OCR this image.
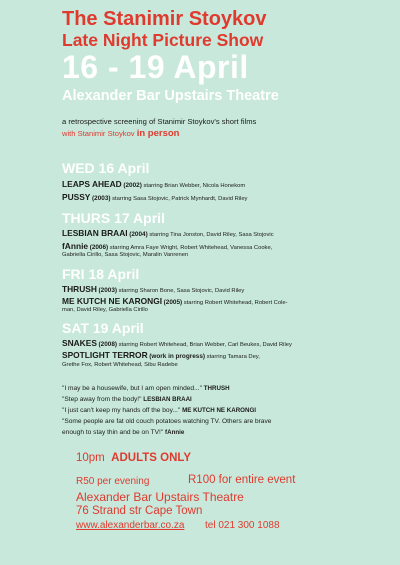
The Stanimir Stoykov
Late Night Picture Show
16 - 19 April
Alexander Bar Upstairs Theatre
a retrospective screening of Stanimir Stoykov's short films
with Stanimir Stoykov in person
WED 16 April
LEAPS AHEAD (2002) starring Brian Webber, Nicola Honekom
PUSSY (2003) starring Sasa Stojovic, Patrick Mynhardt, David Riley
THURS 17 April
LESBIAN BRAAI (2004) starring Tina Jonston, David Riley, Sasa Stojovic
fAnnie (2006) starring Amra Faye Wright, Robert Whitehead, Vanessa Cooke,
Gabriella Cirillo, Sasa Stojovic, Maralin Vanrenen
FRI 18 April
THRUSH (2003) starring Sharon Bone, Sasa Stojovic, David Riley
ME KUTCH NE KARONGI (2005) starring Robert Whitehead, Robert Cole-
man, David Riley, Gabriella Cirillo
SAT 19 April
SNAKES (2008) starring Robert Whitehead, Brian Webber, Carl Beukes, David Riley
SPOTLIGHT TERROR (work in progress) starring Tamara Dey,
Grethe Fox, Robert Whitehead, Sibu Radebe
"I may be a housewife, but I am open minded..." THRUSH
"Step away from the body!" LESBIAN BRAAI
"I just can't keep my hands off the boy..." ME KUTCH NE KARONGI
"Some people are fat old couch potatoes watching TV. Others are brave
enough to stay thin and be on TV!" fAnnie
10pm ADULTS ONLY
R50 per evening	R100 for entire event
Alexander Bar Upstairs Theatre
76 Strand str Cape Town
www.alexanderbar.co.za tel 021 300 1088
